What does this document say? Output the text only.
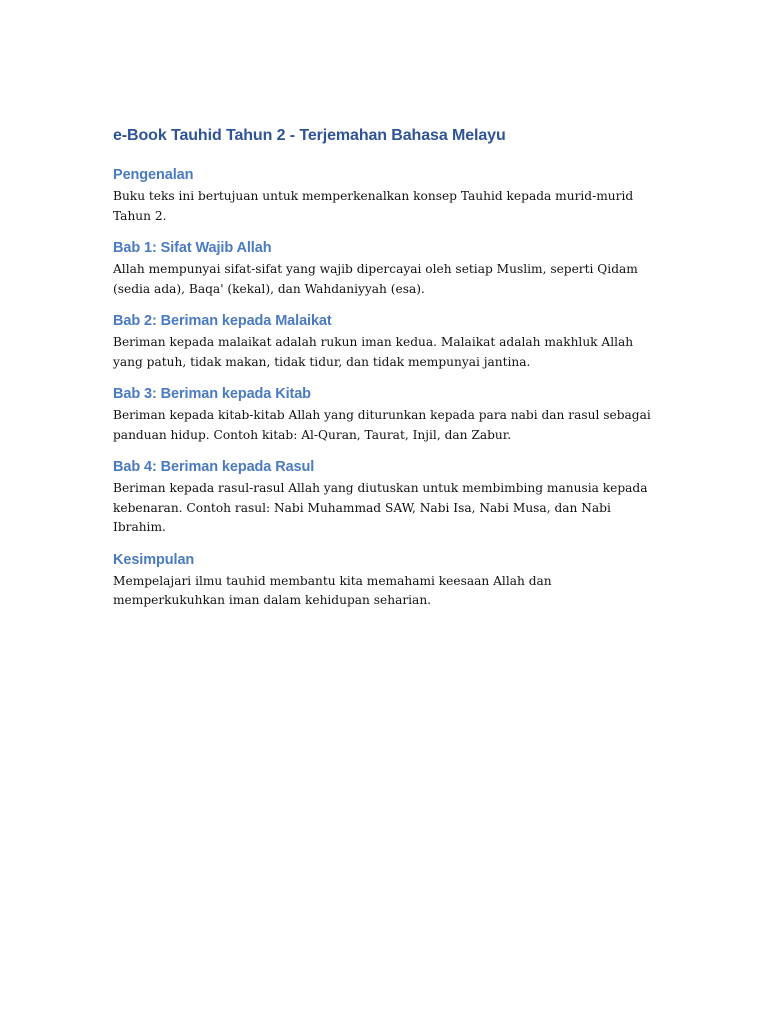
e-Book Tauhid Tahun 2 - Terjemahan Bahasa Melayu
Pengenalan

Buku teks ini bertujuan untuk memperkenalkan konsep Tauhid kepada murid-murid Tahun 2.

Bab 1: Sifat Wajib Allah

Allah mempunyai sifat-sifat yang wajib dipercayai oleh setiap Muslim, seperti Qidam (sedia ada), Baqa' (kekal), dan Wahdaniyyah (esa).

Bab 2: Beriman kepada Malaikat

Beriman kepada malaikat adalah rukun iman kedua. Malaikat adalah makhluk Allah yang patuh, tidak makan, tidak tidur, dan tidak mempunyai jantina.

Bab 3: Beriman kepada Kitab

Beriman kepada kitab-kitab Allah yang diturunkan kepada para nabi dan rasul sebagai panduan hidup. Contoh kitab: Al-Quran, Taurat, Injil, dan Zabur.

Bab 4: Beriman kepada Rasul

Beriman kepada rasul-rasul Allah yang diutuskan untuk membimbing manusia kepada kebenaran. Contoh rasul: Nabi Muhammad SAW, Nabi Isa, Nabi Musa, dan Nabi Ibrahim.

Kesimpulan

Mempelajari ilmu tauhid membantu kita memahami keesaan Allah dan memperkukuhkan iman dalam kehidupan seharian.
